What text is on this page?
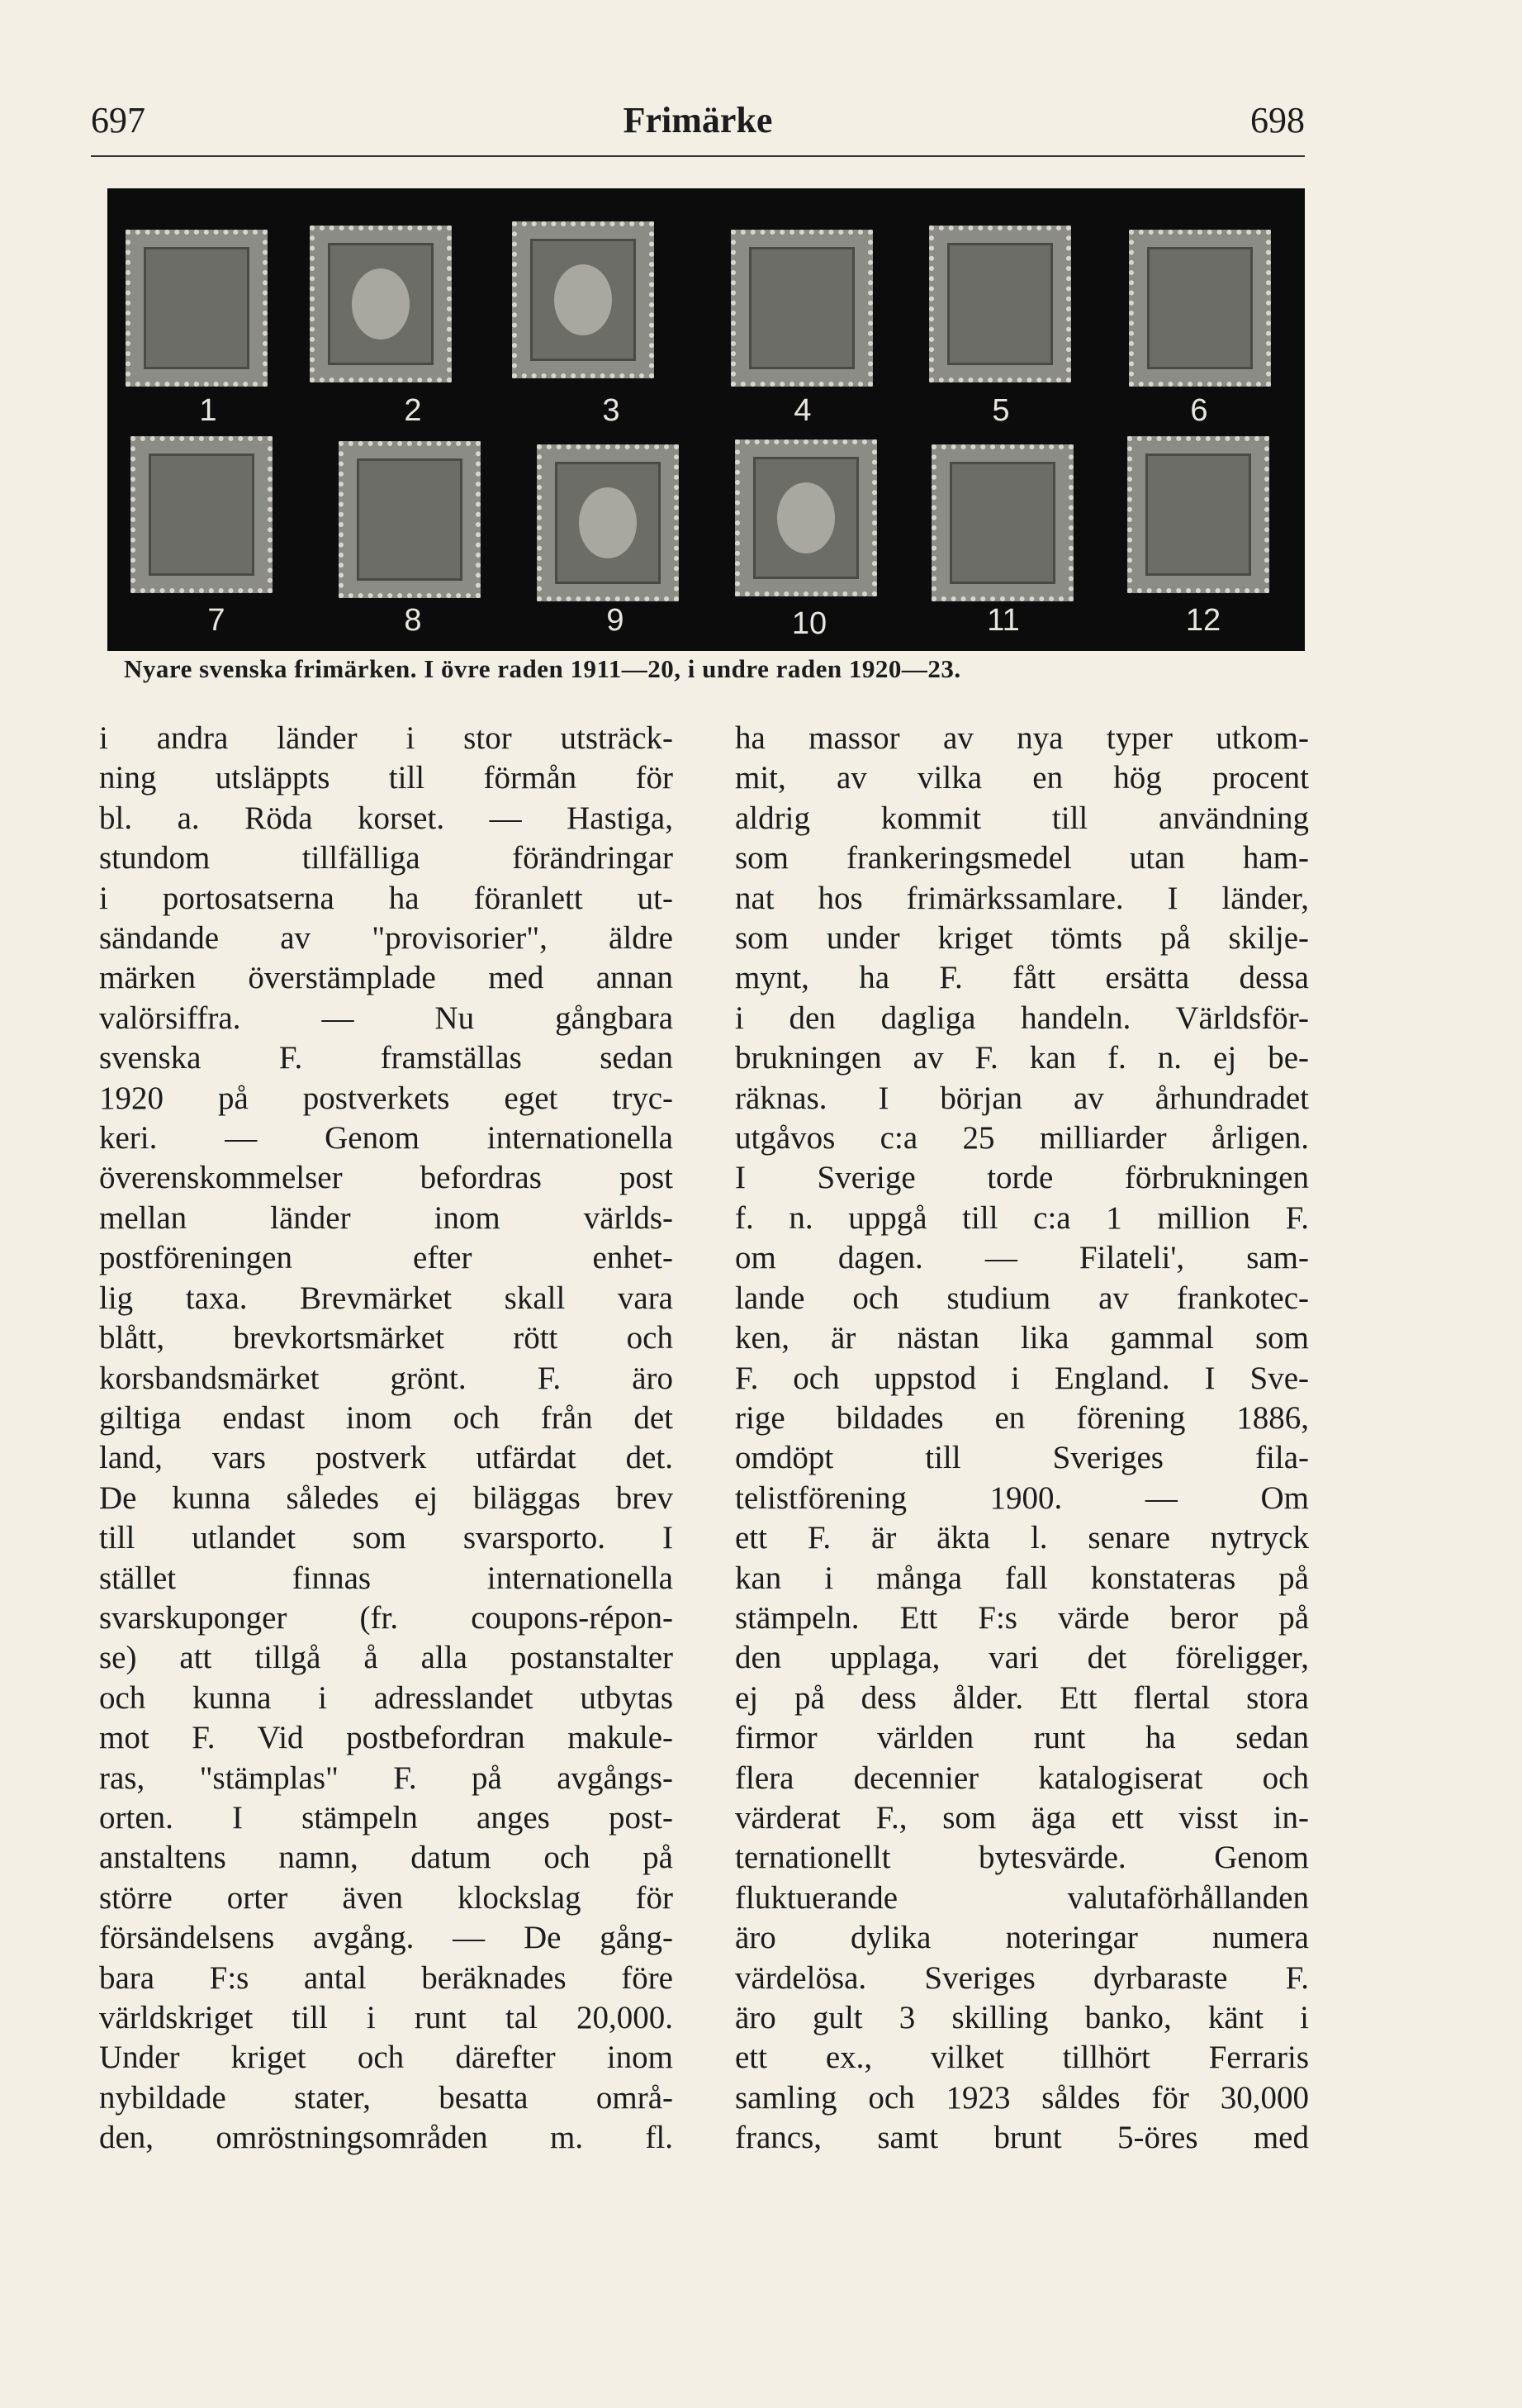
697	Frimärke	698
1	2	3	4	5	6
7	8	9	10	11	12
Nyare svenska frimärken. I övre raden 1911—20, i undre raden 1920—23.
i andra länder i stor utsträck-
ning utsläppts till förmån för
bl. a. Röda korset. — Hastiga,
stundom tillfälliga förändringar
i portosatserna ha föranlett ut-
sändande av "provisorier", äldre
märken överstämplade med annan
valörsiffra. — Nu gångbara
svenska F. framställas sedan
1920 på postverkets eget tryc-
keri. — Genom internationella
överenskommelser befordras post
mellan länder inom världs-
postföreningen efter enhet-
lig taxa. Brevmärket skall vara
blått, brevkortsmärket rött och
korsbandsmärket grönt. F. äro
giltiga endast inom och från det
land, vars postverk utfärdat det.
De kunna således ej biläggas brev
till utlandet som svarsporto. I
stället finnas internationella
svarskuponger (fr. coupons-répon-
se) att tillgå å alla postanstalter
och kunna i adresslandet utbytas
mot F. Vid postbefordran makule-
ras, "stämplas" F. på avgångs-
orten. I stämpeln anges post-
anstaltens namn, datum och på
större orter även klockslag för
försändelsens avgång. — De gång-
bara F:s antal beräknades före
världskriget till i runt tal 20,000.
Under kriget och därefter inom
nybildade stater, besatta områ-
den, omröstningsområden m. fl.
ha massor av nya typer utkom-
mit, av vilka en hög procent
aldrig kommit till användning
som frankeringsmedel utan ham-
nat hos frimärkssamlare. I länder,
som under kriget tömts på skilje-
mynt, ha F. fått ersätta dessa
i den dagliga handeln. Världsför-
brukningen av F. kan f. n. ej be-
räknas. I början av århundradet
utgåvos c:a 25 milliarder årligen.
I Sverige torde förbrukningen
f. n. uppgå till c:a 1 million F.
om dagen. — Filateli', sam-
lande och studium av frankotec-
ken, är nästan lika gammal som
F. och uppstod i England. I Sve-
rige bildades en förening 1886,
omdöpt till Sveriges fila-
telistförening 1900. — Om
ett F. är äkta l. senare nytryck
kan i många fall konstateras på
stämpeln. Ett F:s värde beror på
den upplaga, vari det föreligger,
ej på dess ålder. Ett flertal stora
firmor världen runt ha sedan
flera decennier katalogiserat och
värderat F., som äga ett visst in-
ternationellt bytesvärde. Genom
fluktuerande valutaförhållanden
äro dylika noteringar numera
värdelösa. Sveriges dyrbaraste F.
äro gult 3 skilling banko, känt i
ett ex., vilket tillhört Ferraris
samling och 1923 såldes för 30,000
francs, samt brunt 5-öres med
